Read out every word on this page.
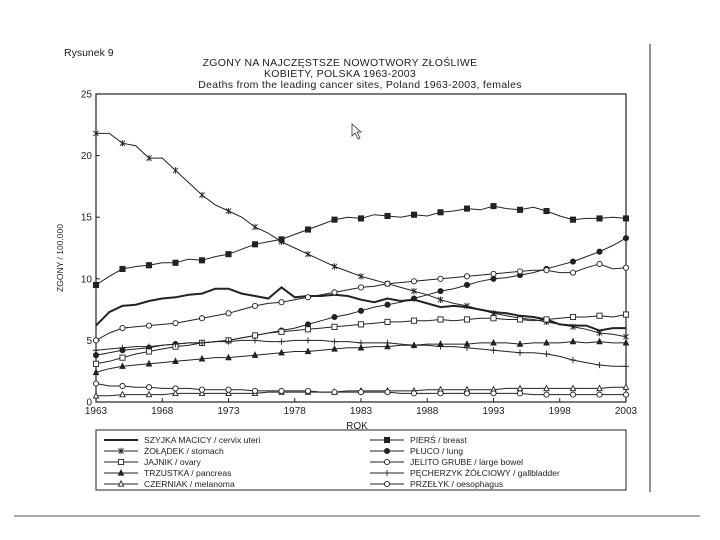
Rysunek 9
ZGONY NA NAJCZĘSTSZE NOWOTWORY ZŁOŚLIWE
KOBIETY, POLSKA 1963-2003
Deaths from the leading cancer sites, Poland 1963-2003, females
ZGONY / 100.000
ROK
0
5
10
15
20
25
1963	1968	1973	1978	1983	1988	1993	1998	2003
SZYJKA MACICY / cervix uteri	PIERŚ / breast
ŻOŁĄDEK / stomach	PŁUCO / lung
JAJNIK / ovary	JELITO GRUBE / large bowel
TRZUSTKA / pancreas	PĘCHERZYK ŻÓŁCIOWY / gallbladder
CZERNIAK / melanoma	PRZEŁYK / oesophagus
